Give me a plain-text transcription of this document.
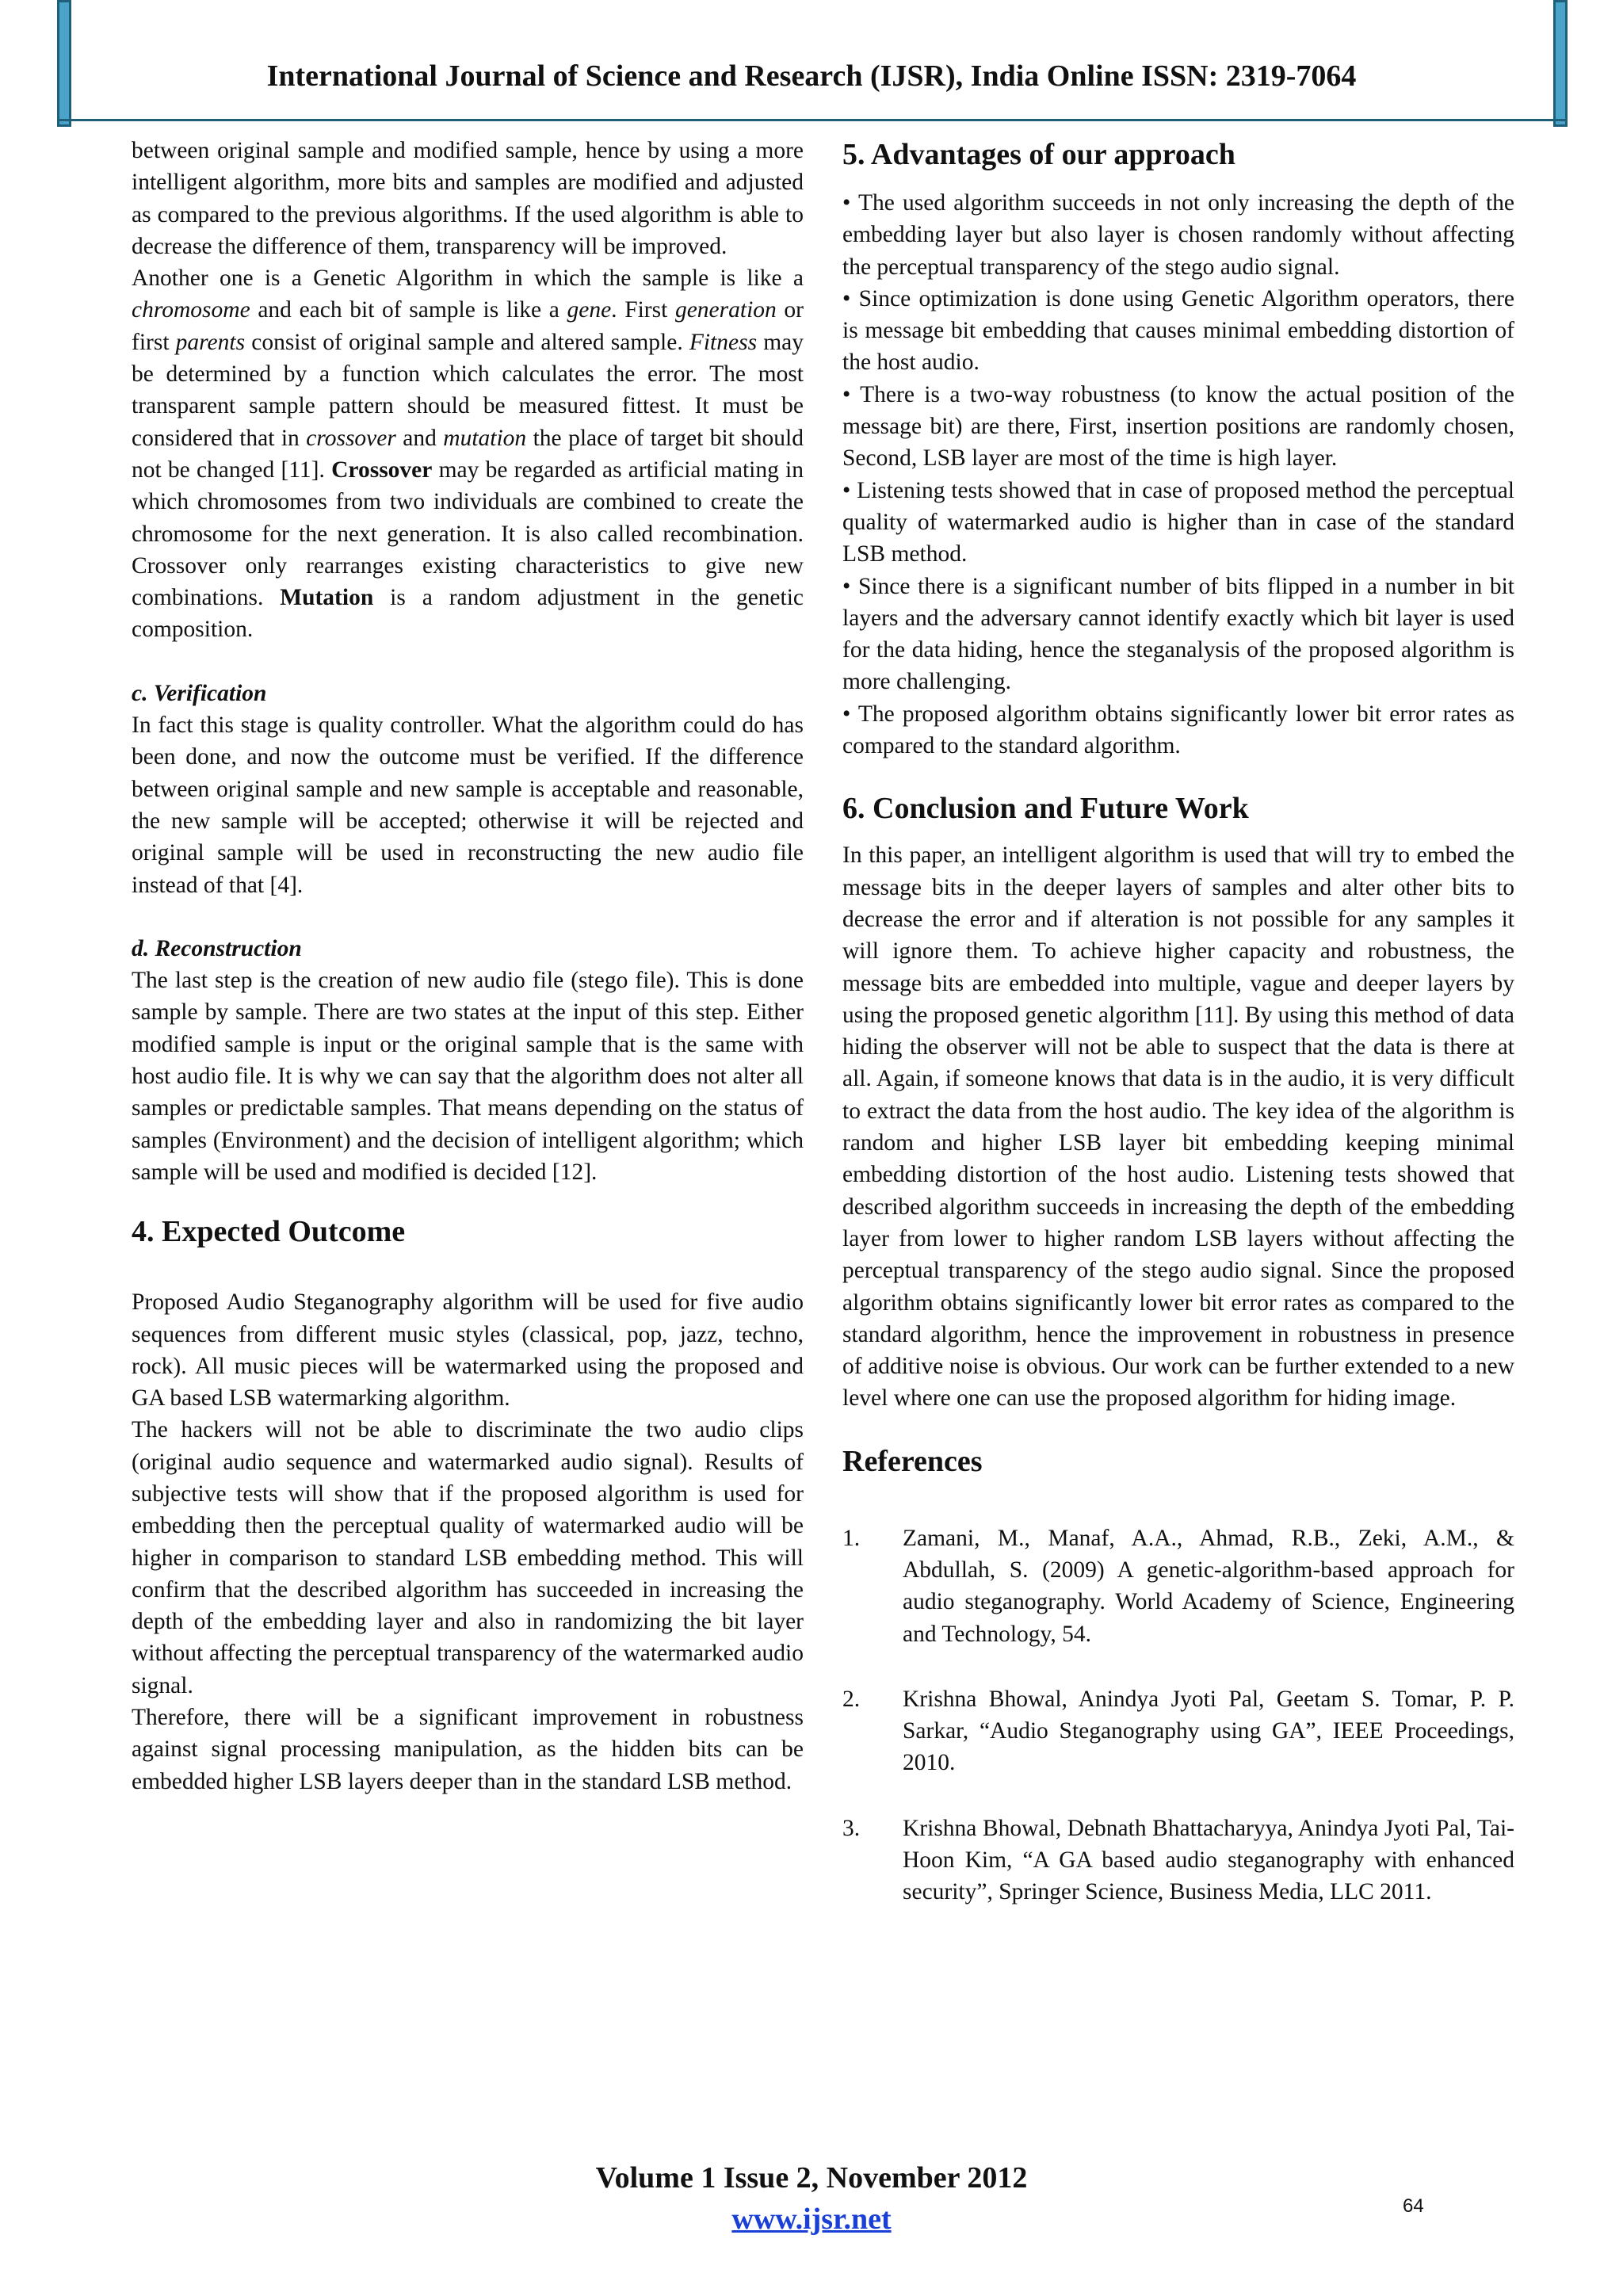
International Journal of Science and Research (IJSR), India Online ISSN: 2319-7064

between original sample and modified sample, hence by using a more intelligent algorithm, more bits and samples are modified and adjusted as compared to the previous algorithms. If the used algorithm is able to decrease the difference of them, transparency will be improved.

Another one is a Genetic Algorithm in which the sample is like a chromosome and each bit of sample is like a gene. First generation or first parents consist of original sample and altered sample. Fitness may be determined by a function which calculates the error. The most transparent sample pattern should be measured fittest. It must be considered that in crossover and mutation the place of target bit should not be changed [11]. Crossover may be regarded as artificial mating in which chromosomes from two individuals are combined to create the chromosome for the next generation. It is also called recombination. Crossover only rearranges existing characteristics to give new combinations. Mutation is a random adjustment in the genetic composition.

c. Verification

In fact this stage is quality controller. What the algorithm could do has been done, and now the outcome must be verified. If the difference between original sample and new sample is acceptable and reasonable, the new sample will be accepted; otherwise it will be rejected and original sample will be used in reconstructing the new audio file instead of that [4].

d. Reconstruction

The last step is the creation of new audio file (stego file). This is done sample by sample. There are two states at the input of this step. Either modified sample is input or the original sample that is the same with host audio file. It is why we can say that the algorithm does not alter all samples or predictable samples. That means depending on the status of samples (Environment) and the decision of intelligent algorithm; which sample will be used and modified is decided [12].

4. Expected Outcome

Proposed Audio Steganography algorithm will be used for five audio sequences from different music styles (classical, pop, jazz, techno, rock). All music pieces will be watermarked using the proposed and GA based LSB watermarking algorithm.

The hackers will not be able to discriminate the two audio clips (original audio sequence and watermarked audio signal). Results of subjective tests will show that if the proposed algorithm is used for embedding then the perceptual quality of watermarked audio will be higher in comparison to standard LSB embedding method. This will confirm that the described algorithm has succeeded in increasing the depth of the embedding layer and also in randomizing the bit layer without affecting the perceptual transparency of the watermarked audio signal.

Therefore, there will be a significant improvement in robustness against signal processing manipulation, as the hidden bits can be embedded higher LSB layers deeper than in the standard LSB method.

5. Advantages of our approach

• The used algorithm succeeds in not only increasing the depth of the embedding layer but also layer is chosen randomly without affecting the perceptual transparency of the stego audio signal.

• Since optimization is done using Genetic Algorithm operators, there is message bit embedding that causes minimal embedding distortion of the host audio.

• There is a two-way robustness (to know the actual position of the message bit) are there, First, insertion positions are randomly chosen, Second, LSB layer are most of the time is high layer.

• Listening tests showed that in case of proposed method the perceptual quality of watermarked audio is higher than in case of the standard LSB method.

• Since there is a significant number of bits flipped in a number in bit layers and the adversary cannot identify exactly which bit layer is used for the data hiding, hence the steganalysis of the proposed algorithm is more challenging.

• The proposed algorithm obtains significantly lower bit error rates as compared to the standard algorithm.

6. Conclusion and Future Work

In this paper, an intelligent algorithm is used that will try to embed the message bits in the deeper layers of samples and alter other bits to decrease the error and if alteration is not possible for any samples it will ignore them. To achieve higher capacity and robustness, the message bits are embedded into multiple, vague and deeper layers by using the proposed genetic algorithm [11]. By using this method of data hiding the observer will not be able to suspect that the data is there at all. Again, if someone knows that data is in the audio, it is very difficult to extract the data from the host audio. The key idea of the algorithm is random and higher LSB layer bit embedding keeping minimal embedding distortion of the host audio. Listening tests showed that described algorithm succeeds in increasing the depth of the embedding layer from lower to higher random LSB layers without affecting the perceptual transparency of the stego audio signal. Since the proposed algorithm obtains significantly lower bit error rates as compared to the standard algorithm, hence the improvement in robustness in presence of additive noise is obvious. Our work can be further extended to a new level where one can use the proposed algorithm for hiding image.

References

1. Zamani, M., Manaf, A.A., Ahmad, R.B., Zeki, A.M., & Abdullah, S. (2009) A genetic-algorithm-based approach for audio steganography. World Academy of Science, Engineering and Technology, 54.

2. Krishna Bhowal, Anindya Jyoti Pal, Geetam S. Tomar, P. P. Sarkar, “Audio Steganography using GA”, IEEE Proceedings, 2010.

3. Krishna Bhowal, Debnath Bhattacharyya, Anindya Jyoti Pal, Tai-Hoon Kim, “A GA based audio steganography with enhanced security”, Springer Science, Business Media, LLC 2011.

Volume 1 Issue 2, November 2012
www.ijsr.net	64
